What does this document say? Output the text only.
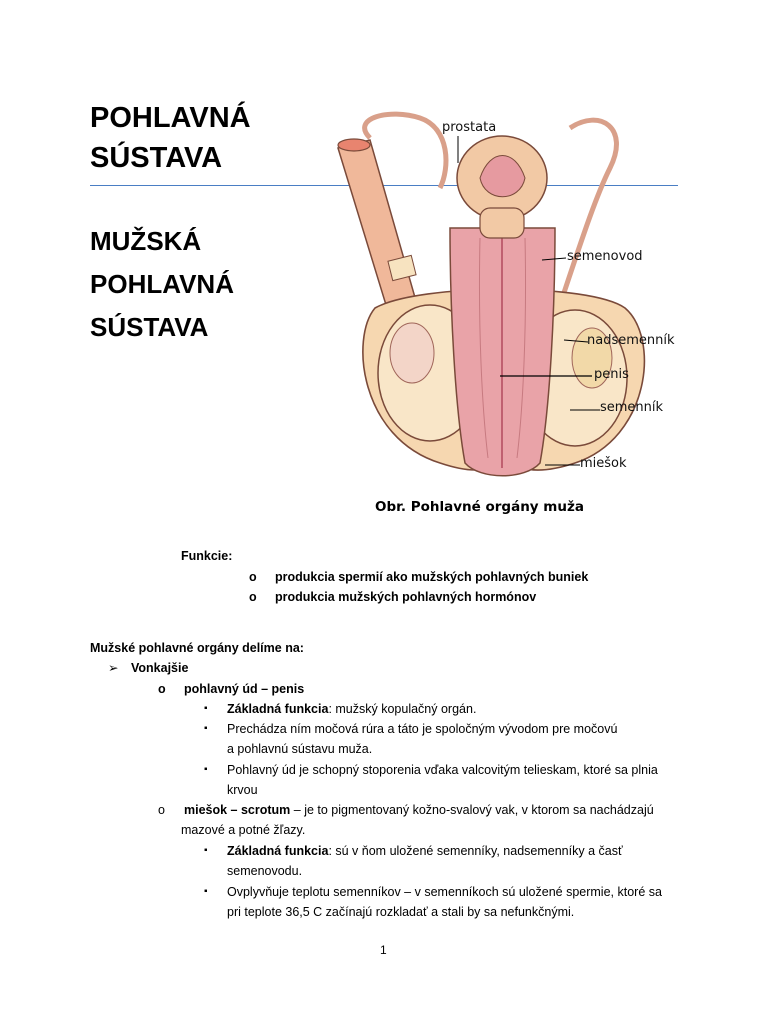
POHLAVNÁ
SÚSTAVA
MUŽSKÁ
POHLAVNÁ
SÚSTAVA
prostata
semenovod
nadsemenník
penis
semenník
miešok
Obr. Pohlavné orgány muža
Funkcie:
o produkcia spermií ako mužských pohlavných buniek
o produkcia mužských pohlavných hormónov
Mužské pohlavné orgány delíme na:
➢ Vonkajšie
o pohlavný úd – penis
▪ Základná funkcia: mužský kopulačný orgán.
▪ Prechádza ním močová rúra a táto je spoločným vývodom pre močovú
a pohlavnú sústavu muža.
▪ Pohlavný úd je schopný stoporenia vďaka valcovitým telieskam, ktoré sa plnia
krvou
o miešok – scrotum – je to pigmentovaný kožno-svalový vak, v ktorom sa nachádzajú
mazové a potné žľazy.
▪ Základná funkcia: sú v ňom uložené semenníky, nadsemenníky a časť
semenovodu.
▪ Ovplyvňuje teplotu semenníkov – v semenníkoch sú uložené spermie, ktoré sa
pri teplote 36,5 C začínajú rozkladať a stali by sa nefunkčnými.
1
